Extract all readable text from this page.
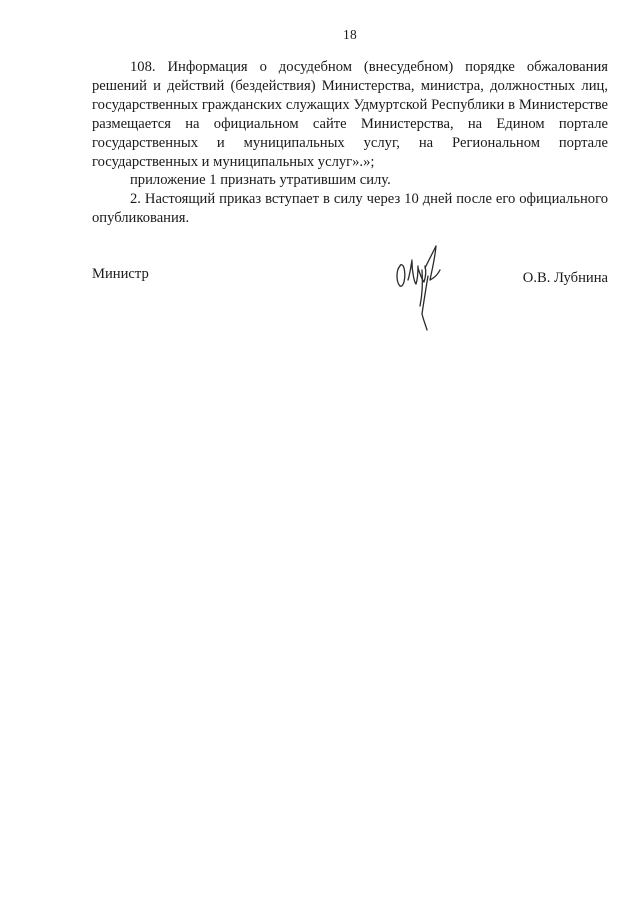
18

108. Информация о досудебном (внесудебном) порядке обжалования решений и действий (бездействия) Министерства, министра, должностных лиц, государственных гражданских служащих Удмуртской Республики в Министерстве размещается на официальном сайте Министерства, на Едином портале государственных и муниципальных услуг, на Региональном портале государственных и муниципальных услуг».»;

приложение 1 признать утратившим силу.

2. Настоящий приказ вступает в силу через 10 дней после его официального опубликования.

Министр	О.В. Лубнина
